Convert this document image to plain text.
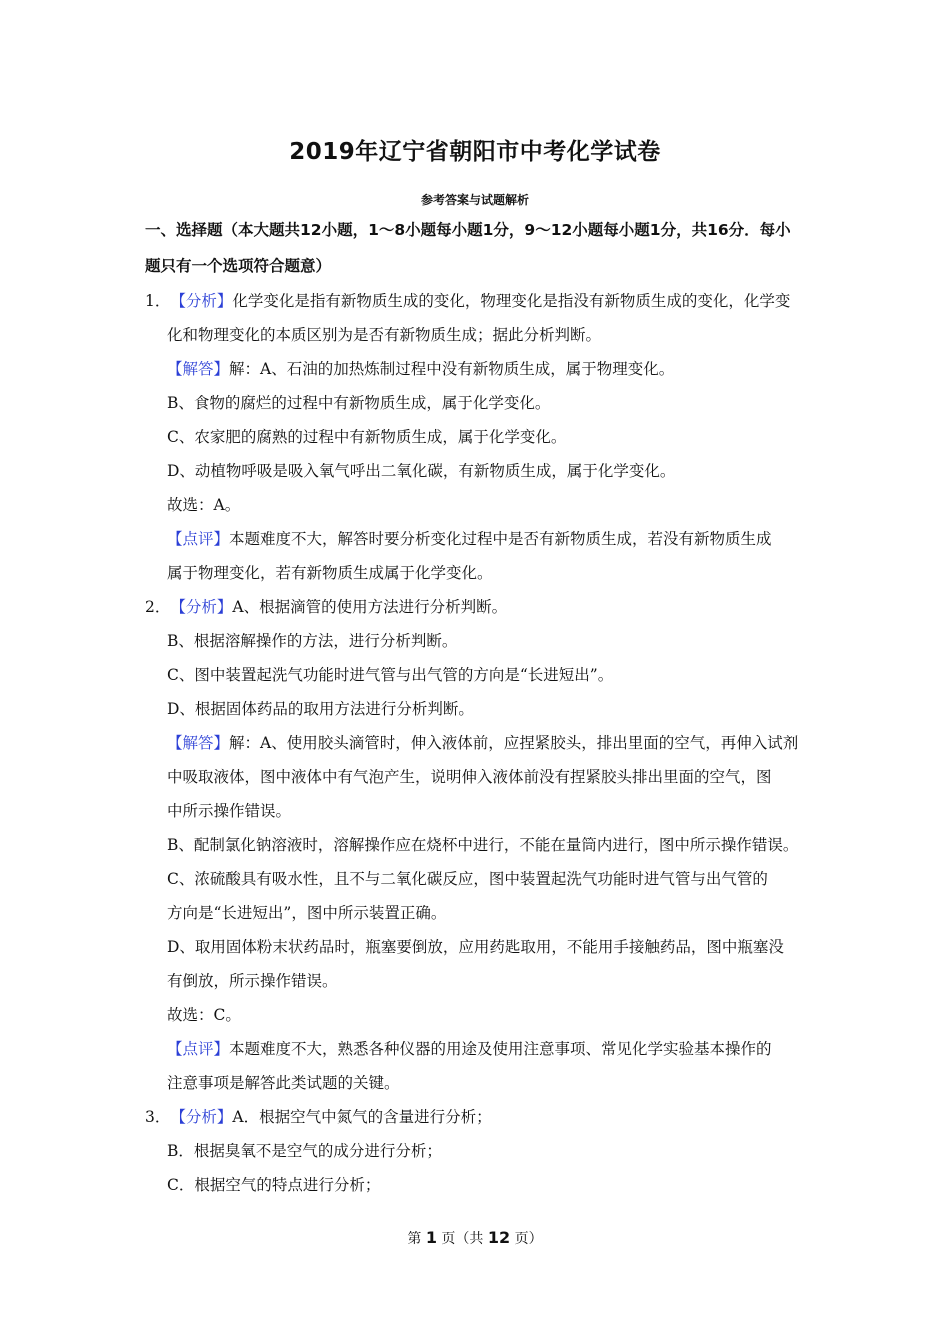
2019年辽宁省朝阳市中考化学试卷
参考答案与试题解析
一、选择题（本大题共12小题，1～8小题每小题1分，9～12小题每小题1分，共16分．每小
题只有一个选项符合题意）
1．【分析】化学变化是指有新物质生成的变化，物理变化是指没有新物质生成的变化，化学变
化和物理变化的本质区别为是否有新物质生成；据此分析判断。
【解答】解：A、石油的加热炼制过程中没有新物质生成，属于物理变化。
B、食物的腐烂的过程中有新物质生成，属于化学变化。
C、农家肥的腐熟的过程中有新物质生成，属于化学变化。
D、动植物呼吸是吸入氧气呼出二氧化碳，有新物质生成，属于化学变化。
故选：A。
【点评】本题难度不大，解答时要分析变化过程中是否有新物质生成，若没有新物质生成
属于物理变化，若有新物质生成属于化学变化。
2．【分析】A、根据滴管的使用方法进行分析判断。
B、根据溶解操作的方法，进行分析判断。
C、图中装置起洗气功能时进气管与出气管的方向是“长进短出”。
D、根据固体药品的取用方法进行分析判断。
【解答】解：A、使用胶头滴管时，伸入液体前，应捏紧胶头，排出里面的空气，再伸入试剂
中吸取液体，图中液体中有气泡产生，说明伸入液体前没有捏紧胶头排出里面的空气，图
中所示操作错误。
B、配制氯化钠溶液时，溶解操作应在烧杯中进行，不能在量筒内进行，图中所示操作错误。
C、浓硫酸具有吸水性，且不与二氧化碳反应，图中装置起洗气功能时进气管与出气管的
方向是“长进短出”，图中所示装置正确。
D、取用固体粉末状药品时，瓶塞要倒放，应用药匙取用，不能用手接触药品，图中瓶塞没
有倒放，所示操作错误。
故选：C。
【点评】本题难度不大，熟悉各种仪器的用途及使用注意事项、常见化学实验基本操作的
注意事项是解答此类试题的关键。
3．【分析】A．根据空气中氮气的含量进行分析；
B．根据臭氧不是空气的成分进行分析；
C．根据空气的特点进行分析；
第 1 页（共 12 页）
